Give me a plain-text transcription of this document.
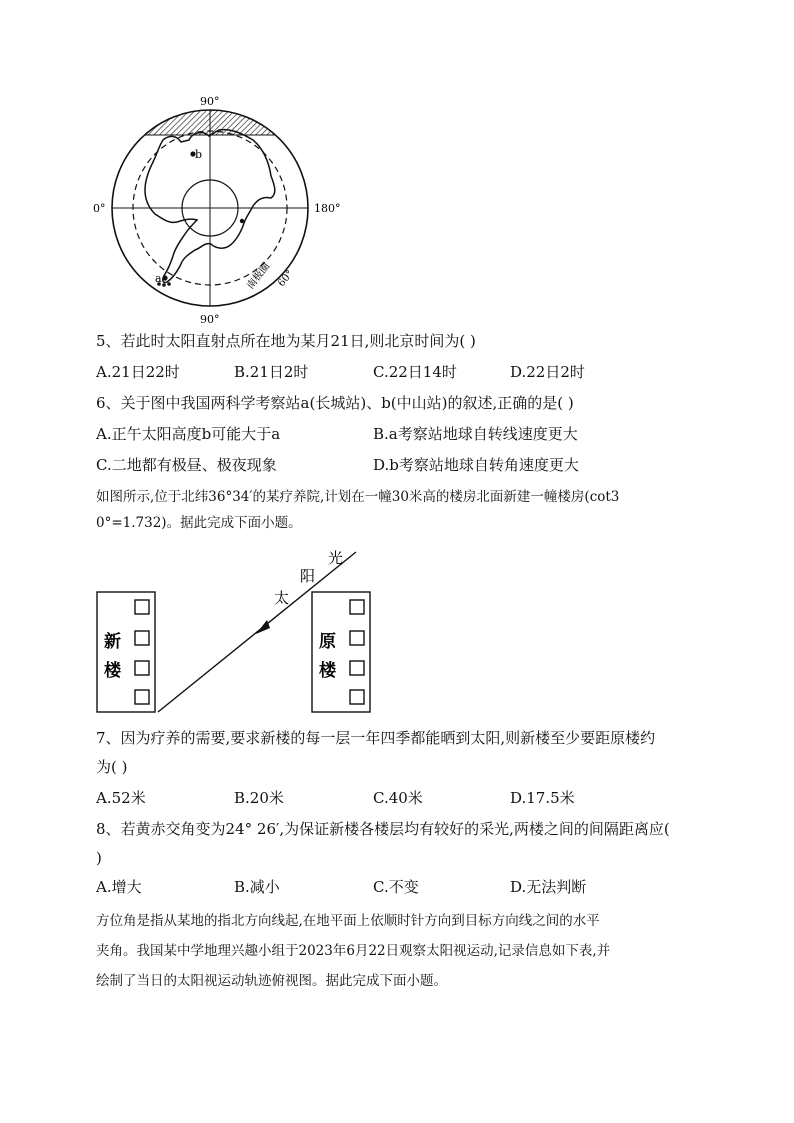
90°
90°
0°	180°
60°
南极圈
b
a
5、若此时太阳直射点所在地为某月21日,则北京时间为( )
A.21日22时	B.21日2时	C.22日14时	D.22日2时
6、关于图中我国两科学考察站a(长城站)、b(中山站)的叙述,正确的是( )
A.正午太阳高度b可能大于a	B.a考察站地球自转线速度更大
C.二地都有极昼、极夜现象	D.b考察站地球自转角速度更大
如图所示,位于北纬36°34′的某疗养院,计划在一幢30米高的楼房北面新建一幢楼房(cot3
0°=1.732)。据此完成下面小题。
新
楼
原
楼
光
阳
太
7、因为疗养的需要,要求新楼的每一层一年四季都能晒到太阳,则新楼至少要距原楼约
为( )
A.52米	B.20米	C.40米	D.17.5米
8、若黄赤交角变为24° 26′,为保证新楼各楼层均有较好的采光,两楼之间的间隔距离应(
)
A.增大	B.减小	C.不变	D.无法判断
方位角是指从某地的指北方向线起,在地平面上依顺时针方向到目标方向线之间的水平
夹角。我国某中学地理兴趣小组于2023年6月22日观察太阳视运动,记录信息如下表,并
绘制了当日的太阳视运动轨迹俯视图。据此完成下面小题。
